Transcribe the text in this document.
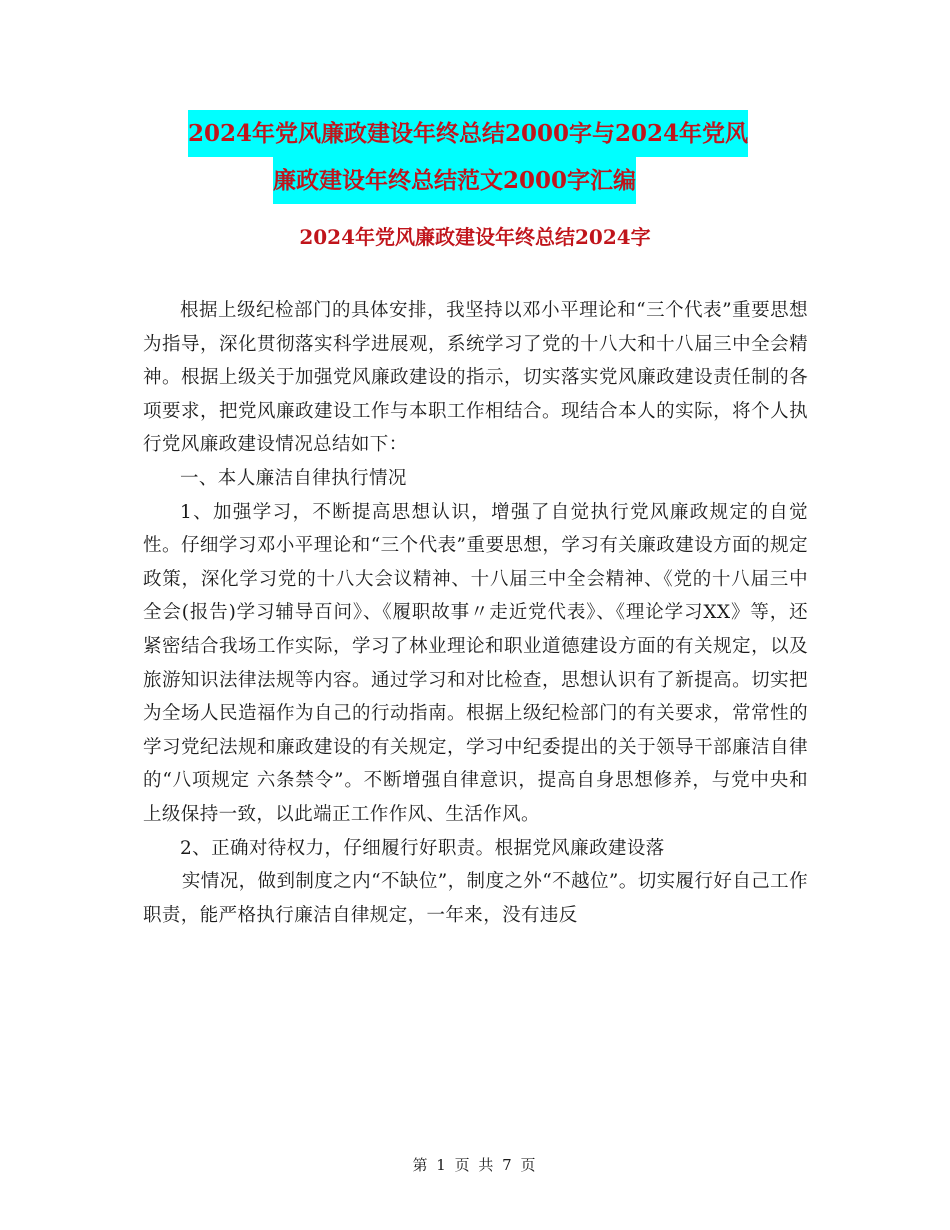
2024年党风廉政建设年终总结2000字与2024年党风
廉政建设年终总结范文2000字汇编
2024年党风廉政建设年终总结2024字

根据上级纪检部门的具体安排，我坚持以邓小平理论和“三个代表”重要思想为指导，深化贯彻落实科学进展观，系统学习了党的十八大和十八届三中全会精神。根据上级关于加强党风廉政建设的指示，切实落实党风廉政建设责任制的各项要求，把党风廉政建设工作与本职工作相结合。现结合本人的实际，将个人执行党风廉政建设情况总结如下：

一、本人廉洁自律执行情况

1、加强学习，不断提高思想认识，增强了自觉执行党风廉政规定的自觉性。仔细学习邓小平理论和“三个代表”重要思想，学习有关廉政建设方面的规定政策，深化学习党的十八大会议精神、十八届三中全会精神、《党的十八届三中全会(报告)学习辅导百问》、《履职故事〃走近党代表》、《理论学习XX》等，还紧密结合我场工作实际，学习了林业理论和职业道德建设方面的有关规定，以及旅游知识法律法规等内容。通过学习和对比检查，思想认识有了新提高。切实把为全场人民造福作为自己的行动指南。根据上级纪检部门的有关要求，常常性的学习党纪法规和廉政建设的有关规定，学习中纪委提出的关于领导干部廉洁自律的“八项规定 六条禁令”。不断增强自律意识，提高自身思想修养，与党中央和上级保持一致，以此端正工作作风、生活作风。

2、正确对待权力，仔细履行好职责。根据党风廉政建设落

实情况，做到制度之内“不缺位”，制度之外“不越位”。切实履行好自己工作职责，能严格执行廉洁自律规定，一年来，没有违反

第 1 页 共 7 页
